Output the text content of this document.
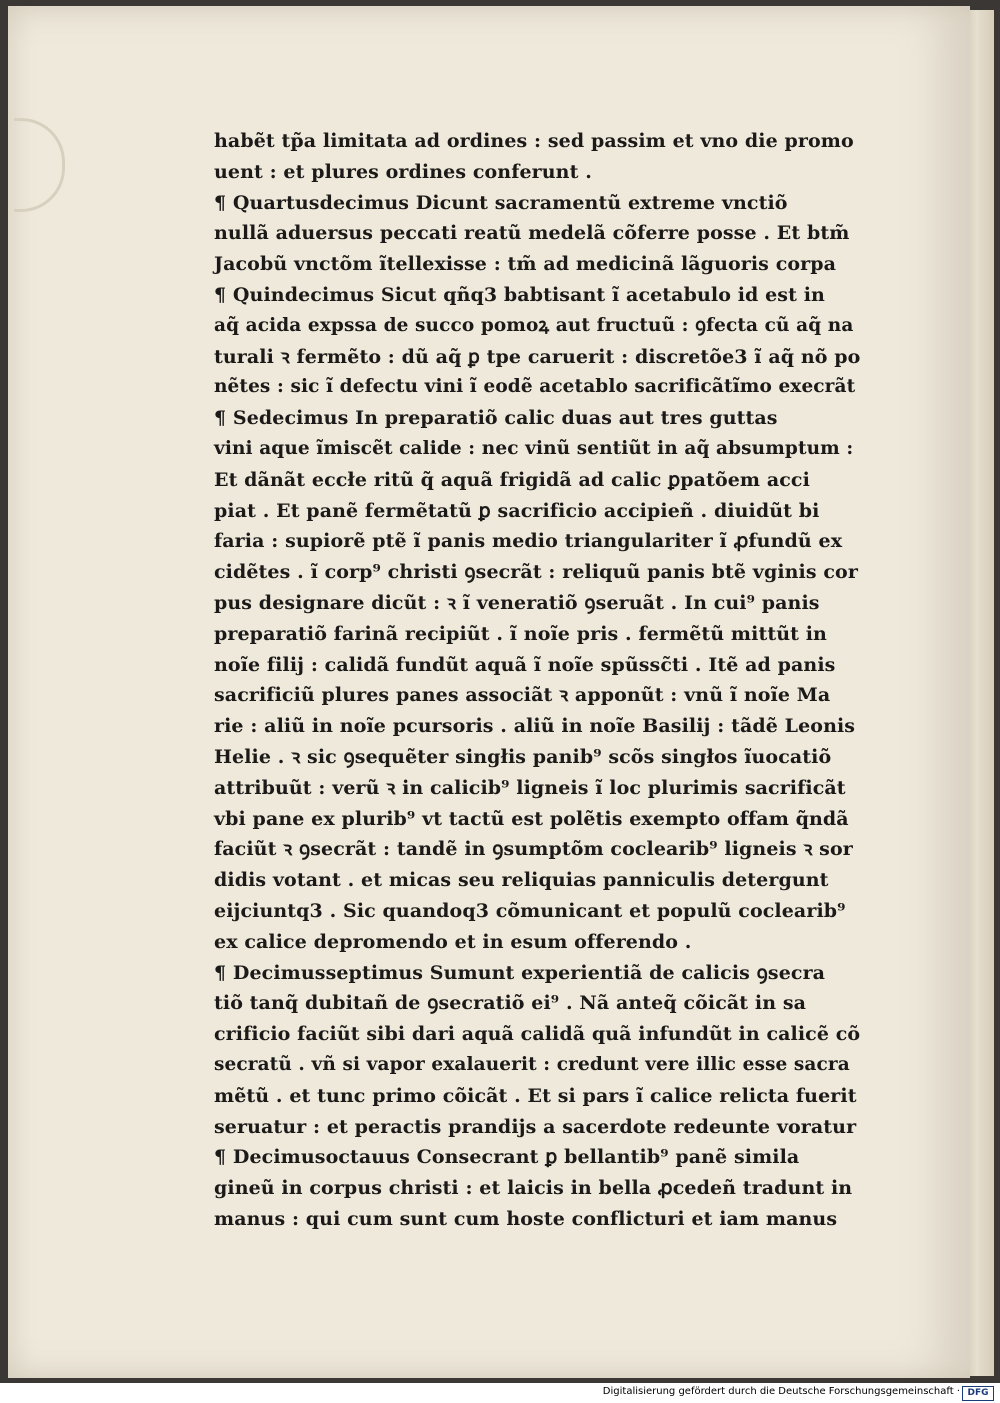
habẽt tp̃a limitata ad ordines : sed passim et vno die promo
uent : et plures ordines conferunt .
¶ Quartusdecimus Dicunt sacramentũ extreme vnctiõ
nullã aduersus peccati reatũ medelã cõferre posse . Et btm̃
Jacobũ vnctõm ĩtellexisse : tm̃ ad medicinã lãguoris corpa
¶ Quindecimus Sicut qñq3 babtisant ĩ acetabulo id est in
aq̃ acida expssa de succo pomoꝝ aut fructuũ : ꝯfecta cũ aq̃ na
turali ꝛ fermẽto : dũ aq̃ ꝑ tpe caruerit : discretõe3 ĩ aq̃ nõ po
nẽtes : sic ĩ defectu vini ĩ eodẽ acetablo sacrificãtĩmo execrãt
¶ Sedecimus In preparatiõ calic duas aut tres guttas
vini aque ĩmiscẽt calide : nec vinũ sentiũt in aq̃ absumptum :
Et dãnãt eccłe ritũ q̃ aquã frigidã ad calic ꝑpatõem acci
piat . Et panẽ fermẽtatũ ꝑ sacrificio accipieñ . diuidũt bi
faria : supiorẽ ptẽ ĩ panis medio triangulariter ĩ ꝓfundũ ex
cidẽtes . ĩ corp⁹ christi ꝯsecrãt : reliquũ panis btẽ vginis cor
pus designare dicũt : ꝛ ĩ veneratiõ ꝯseruãt . In cui⁹ panis
preparatiõ farinã recipiũt . ĩ noĩe pris . fermẽtũ mittũt in
noĩe filij : calidã fundũt aquã ĩ noĩe spũssc̃ti . Itẽ ad panis
sacrificiũ plures panes associãt ꝛ apponũt : vnũ ĩ noĩe Ma
rie : aliũ in noĩe pcursoris . aliũ in noĩe Basilij : tãdẽ Leonis
Helie . ꝛ sic ꝯsequẽter singłis panib⁹ scõs singłos ĩuocatiõ
attribuũt : verũ ꝛ in calicib⁹ ligneis ĩ loc plurimis sacrificãt
vbi pane ex plurib⁹ vt tactũ est polẽtis exempto offam q̃ndã
faciũt ꝛ ꝯsecrãt : tandẽ in ꝯsumptõm coclearib⁹ ligneis ꝛ sor
didis votant . et micas seu reliquias panniculis detergunt
eijciuntq3 . Sic quandoq3 cõmunicant et populũ coclearib⁹
ex calice depromendo et in esum offerendo .
¶ Decimusseptimus Sumunt experientiã de calicis ꝯsecra
tiõ tanq̃ dubitañ de ꝯsecratiõ ei⁹ . Nã anteq̃ cõicãt in sa
crificio faciũt sibi dari aquã calidã quã infundũt in calicẽ cõ
secratũ . vñ si vapor exalauerit : credunt vere illic esse sacra
mẽtũ . et tunc primo cõicãt . Et si pars ĩ calice relicta fuerit
seruatur : et peractis prandijs a sacerdote redeunte voratur
¶ Decimusoctauus Consecrant ꝑ bellantib⁹ panẽ simila
gineũ in corpus christi : et laicis in bella ꝓcedeñ tradunt in
manus : qui cum sunt cum hoste conflicturi et iam manus
Digitalisierung gefördert durch die Deutsche Forschungsgemeinschaft · DFG
